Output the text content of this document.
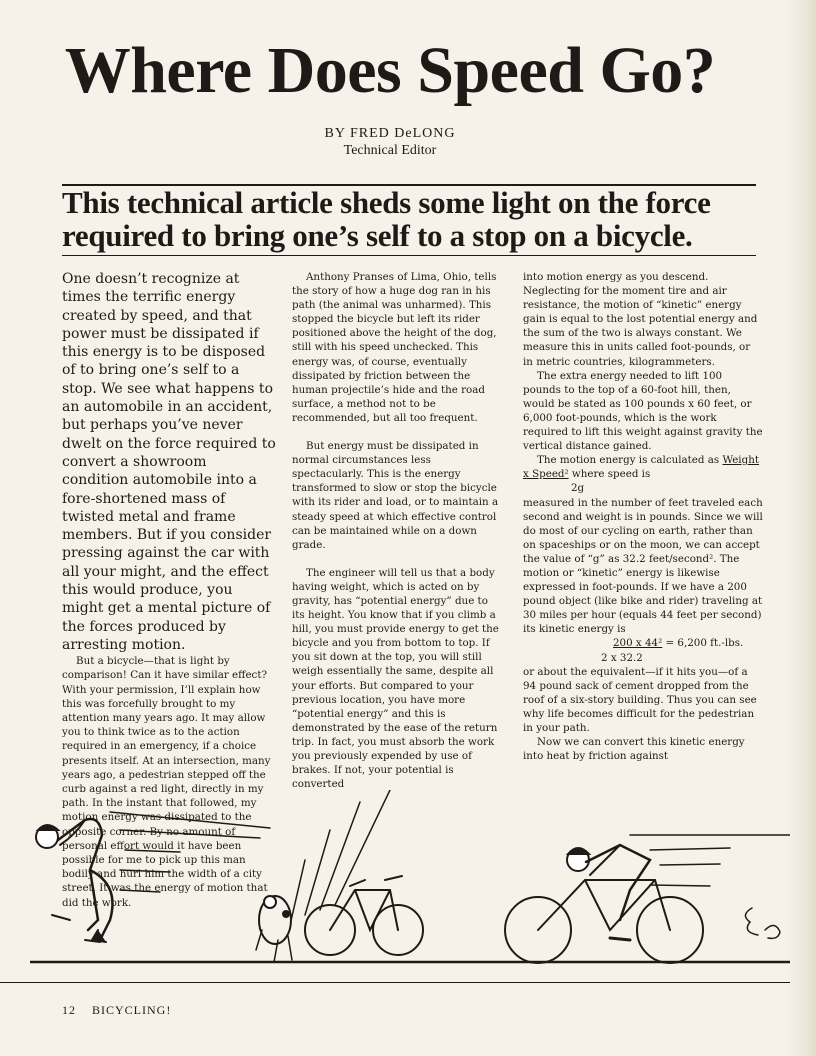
Where Does Speed Go?
BY FRED DeLONG
Technical Editor
This technical article sheds some light on the force required to bring one’s self to a stop on a bicycle.

One doesn’t recognize at times the terrific energy created by speed, and that power must be dissipated if this energy is to be disposed of to bring one’s self to a stop. We see what happens to an automobile in an accident, but perhaps you’ve never dwelt on the force required to convert a showroom condition automobile into a fore-shortened mass of twisted metal and frame members. But if you consider pressing against the car with all your might, and the effect this would produce, you might get a mental picture of the forces produced by arresting motion.

But a bicycle—that is light by comparison! Can it have similar effect? With your permission, I’ll explain how this was forcefully brought to my attention many years ago. It may allow you to think twice as to the action required in an emergency, if a choice presents itself. At an intersection, many years ago, a pedestrian stepped off the curb against a red light, directly in my path. In the instant that followed, my motion energy was dissipated to the opposite corner. By no amount of personal effort would it have been possible for me to pick up this man bodily and hurl him the width of a city street. It was the energy of motion that did the work.

Anthony Pranses of Lima, Ohio, tells the story of how a huge dog ran in his path (the animal was unharmed). This stopped the bicycle but left its rider positioned above the height of the dog, still with his speed unchecked. This energy was, of course, eventually dissipated by friction between the human projectile’s hide and the road surface, a method not to be recommended, but all too frequent.

But energy must be dissipated in normal circumstances less spectacularly. This is the energy transformed to slow or stop the bicycle with its rider and load, or to maintain a steady speed at which effective control can be maintained while on a down grade.

The engineer will tell us that a body having weight, which is acted on by gravity, has “potential energy” due to its height. You know that if you climb a hill, you must provide energy to get the bicycle and you from bottom to top. If you sit down at the top, you will still weigh essentially the same, despite all your efforts. But compared to your previous location, you have more “potential energy” and this is demonstrated by the ease of the return trip. In fact, you must absorb the work you previously expended by use of brakes. If not, your potential is converted

into motion energy as you descend. Neglecting for the moment tire and air resistance, the motion of “kinetic” energy gain is equal to the lost potential energy and the sum of the two is always constant. We measure this in units called foot-pounds, or in metric countries, kilogrammeters.

The extra energy needed to lift 100 pounds to the top of a 60-foot hill, then, would be stated as 100 pounds x 60 feet, or 6,000 foot-pounds, which is the work required to lift this weight against gravity the vertical distance gained.

The motion energy is calculated as Weight x Speed² where speed is

2g

measured in the number of feet traveled each second and weight is in pounds. Since we will do most of our cycling on earth, rather than on spaceships or on the moon, we can accept the value of “g” as 32.2 feet/second². The motion or “kinetic” energy is likewise expressed in foot-pounds. If we have a 200 pound object (like bike and rider) traveling at 30 miles per hour (equals 44 feet per second) its kinetic energy is

200 x 44² = 6,200 ft.-lbs.

2 x 32.2

or about the equivalent—if it hits you—of a 94 pound sack of cement dropped from the roof of a six-story building. Thus you can see why life becomes difficult for the pedestrian in your path.

Now we can convert this kinetic energy into heat by friction against

12 BICYCLING!
